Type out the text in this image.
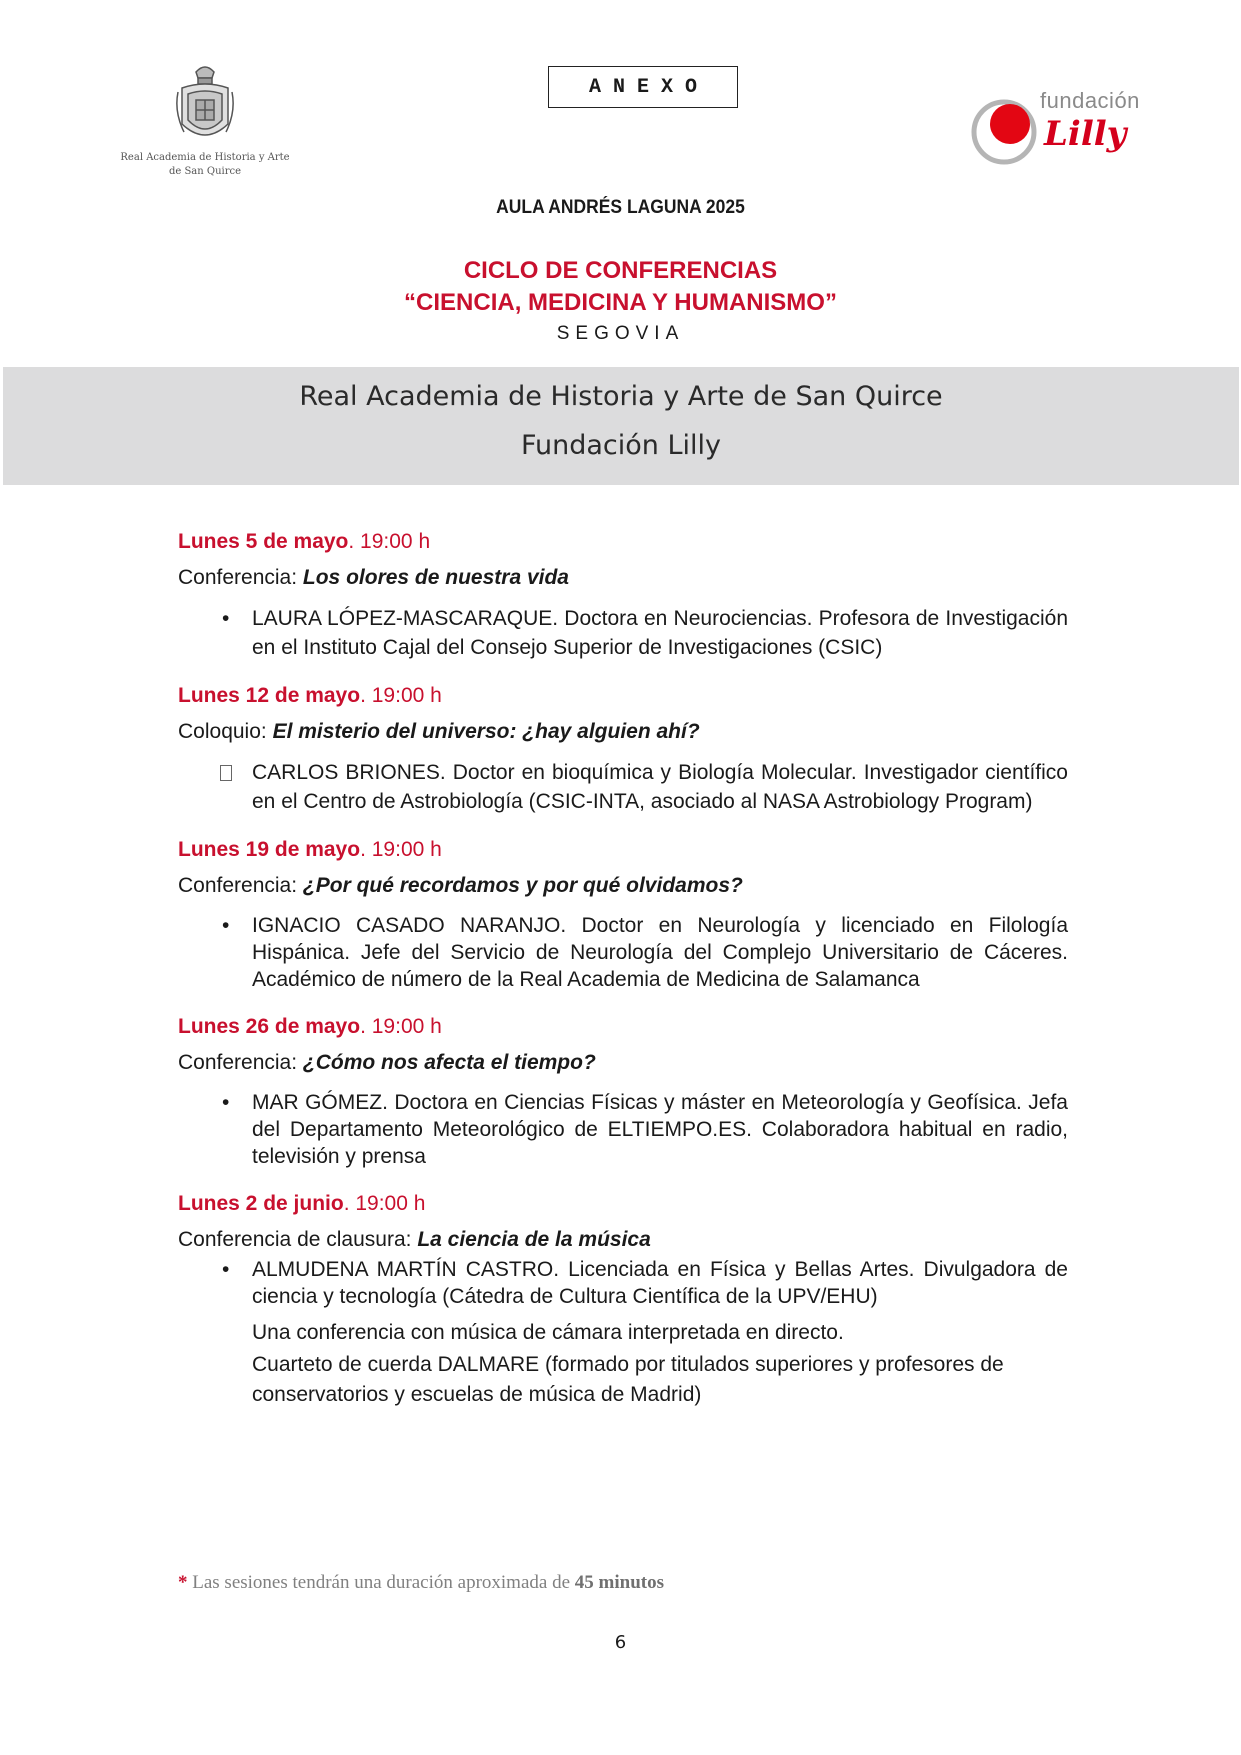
Real Academia de Historia y Arte
de San Quirce
ANEXO
fundación
Lilly
AULA ANDRÉS LAGUNA 2025
CICLO DE CONFERENCIAS
“CIENCIA, MEDICINA Y HUMANISMO”
SEGOVIA
Real Academia de Historia y Arte de San Quirce
Fundación Lilly

Lunes 5 de mayo. 19:00 h

Conferencia: Los olores de nuestra vida

• LAURA LÓPEZ-MASCARAQUE. Doctora en Neurociencias. Profesora de Investigación en el Instituto Cajal del Consejo Superior de Investigaciones (CSIC)

Lunes 12 de mayo. 19:00 h

Coloquio: El misterio del universo: ¿hay alguien ahí?

CARLOS BRIONES. Doctor en bioquímica y Biología Molecular. Investigador científico en el Centro de Astrobiología (CSIC-INTA, asociado al NASA Astrobiology Program)

Lunes 19 de mayo. 19:00 h

Conferencia: ¿Por qué recordamos y por qué olvidamos?

• IGNACIO CASADO NARANJO. Doctor en Neurología y licenciado en Filología Hispánica. Jefe del Servicio de Neurología del Complejo Universitario de Cáceres. Académico de número de la Real Academia de Medicina de Salamanca

Lunes 26 de mayo. 19:00 h

Conferencia: ¿Cómo nos afecta el tiempo?

• MAR GÓMEZ. Doctora en Ciencias Físicas y máster en Meteorología y Geofísica. Jefa del Departamento Meteorológico de ELTIEMPO.ES. Colaboradora habitual en radio, televisión y prensa

Lunes 2 de junio. 19:00 h

Conferencia de clausura: La ciencia de la música

• ALMUDENA MARTÍN CASTRO. Licenciada en Física y Bellas Artes. Divulgadora de ciencia y tecnología (Cátedra de Cultura Científica de la UPV/EHU)

Una conferencia con música de cámara interpretada en directo.
Cuarteto de cuerda DALMARE (formado por titulados superiores y profesores de conservatorios y escuelas de música de Madrid)
* Las sesiones tendrán una duración aproximada de 45 minutos
6
